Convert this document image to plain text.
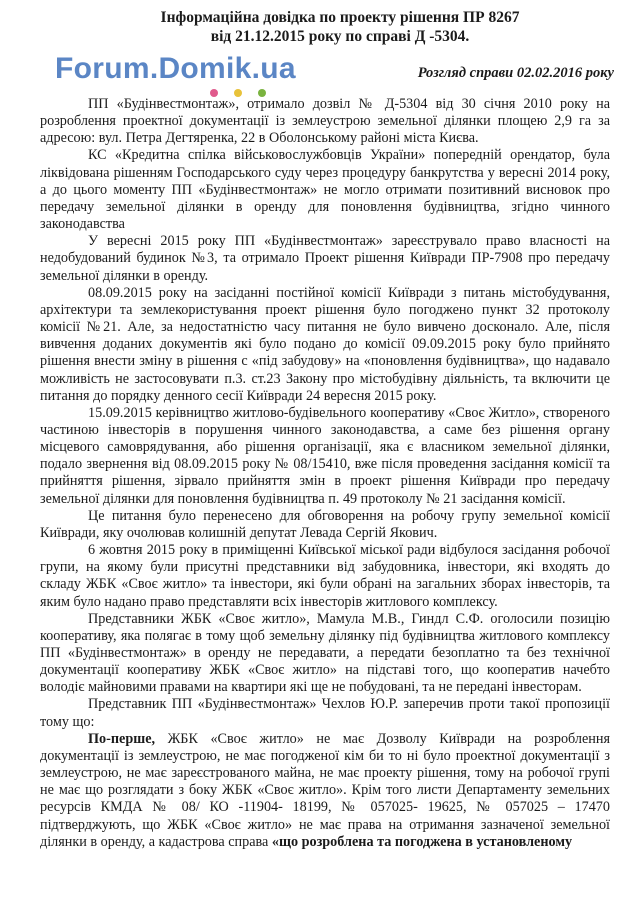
Інформаційна довідка по проекту рішення ПР 8267
від 21.12.2015 року по справі Д -5304.
Forum.Domik.ua	Розгляд справи 02.02.2016 року

ПП «Будінвестмонтаж», отримало дозвіл № Д-5304 від 30 січня 2010 року на розроблення проектної документації із землеустрою земельної ділянки площею 2,9 га за адресою: вул. Петра Дегтяренка, 22 в Оболонському районі міста Києва.

КС «Кредитна спілка військовослужбовців України» попередній орендатор, була ліквідована рішенням Господарського суду через процедуру банкрутства у вересні 2014 року, а до цього моменту ПП «Будінвестмонтаж» не могло отримати позитивний висновок про передачу земельної ділянки в оренду для поновлення будівництва, згідно чинного законодавства

У вересні 2015 року ПП «Будінвестмонтаж» зареєструвало право власності на недобудований будинок №3, та отримало Проект рішення Київради ПР-7908 про передачу земельної ділянки в оренду.

08.09.2015 року на засіданні постійної комісії Київради з питань містобудування, архітектури та землекористування проект рішення було погоджено пункт 32 протоколу комісії №21. Але, за недостатністю часу питання не було вивчено досконало. Але, після вивчення доданих документів які було подано до комісії 09.09.2015 року було прийнято рішення внести зміну в рішення с «під забудову» на «поновлення будівництва», що надавало можливість не застосовувати п.3. ст.23 Закону про містобудівну діяльність, та включити це питання до порядку денного сесії Київради 24 вересня 2015 року.

15.09.2015 керівництво житлово-будівельного кооперативу «Своє Житло», створеного частиною інвесторів в порушення чинного законодавства, а саме без рішення органу місцевого самоврядування, або рішення організації, яка є власником земельної ділянки, подало звернення від 08.09.2015 року № 08/15410, вже після проведення засідання комісії та прийняття рішення, зірвало прийняття змін в проект рішення Київради про передачу земельної ділянки для поновлення будівництва п. 49 протоколу № 21 засідання комісії.

Це питання було перенесено для обговорення на робочу групу земельної комісії Київради, яку очолював колишній депутат Левада Сергій Якович.

6 жовтня 2015 року в приміщенні Київської міської ради відбулося засідання робочої групи, на якому були присутні представники від забудовника, інвестори, які входять до складу ЖБК «Своє житло» та інвестори, які були обрані на загальних зборах інвесторів, та яким було надано право представляти всіх інвесторів житлового комплексу.

Представники ЖБК «Своє житло», Мамула М.В., Гиндл С.Ф. оголосили позицію кооперативу, яка полягає в тому щоб земельну ділянку під будівництва житлового комплексу ПП «Будінвестмонтаж» в оренду не передавати, а передати безоплатно та без технічної документації кооперативу ЖБК «Своє житло» на підставі того, що кооператив начебто володіє майновими правами на квартири які ще не побудовані, та не передані інвесторам.

Представник ПП «Будінвестмонтаж» Чехлов Ю.Р. заперечив проти такої пропозиції тому що:

По-перше, ЖБК «Своє житло» не має Дозволу Київради на розроблення документації із землеустрою, не має погодженої кім би то ні було проектної документації з землеустрою, не має зареєстрованого майна, не має проекту рішення, тому на робочої групі не має що розглядати з боку ЖБК «Своє житло». Крім того листи Департаменту земельних ресурсів КМДА № 08/ КО -11904- 18199, № 057025- 19625, № 057025 – 17470 підтверджують, що ЖБК «Своє житло» не має права на отримання зазначеної земельної ділянки в оренду, а кадастрова справа «що розроблена та погоджена в установленому
